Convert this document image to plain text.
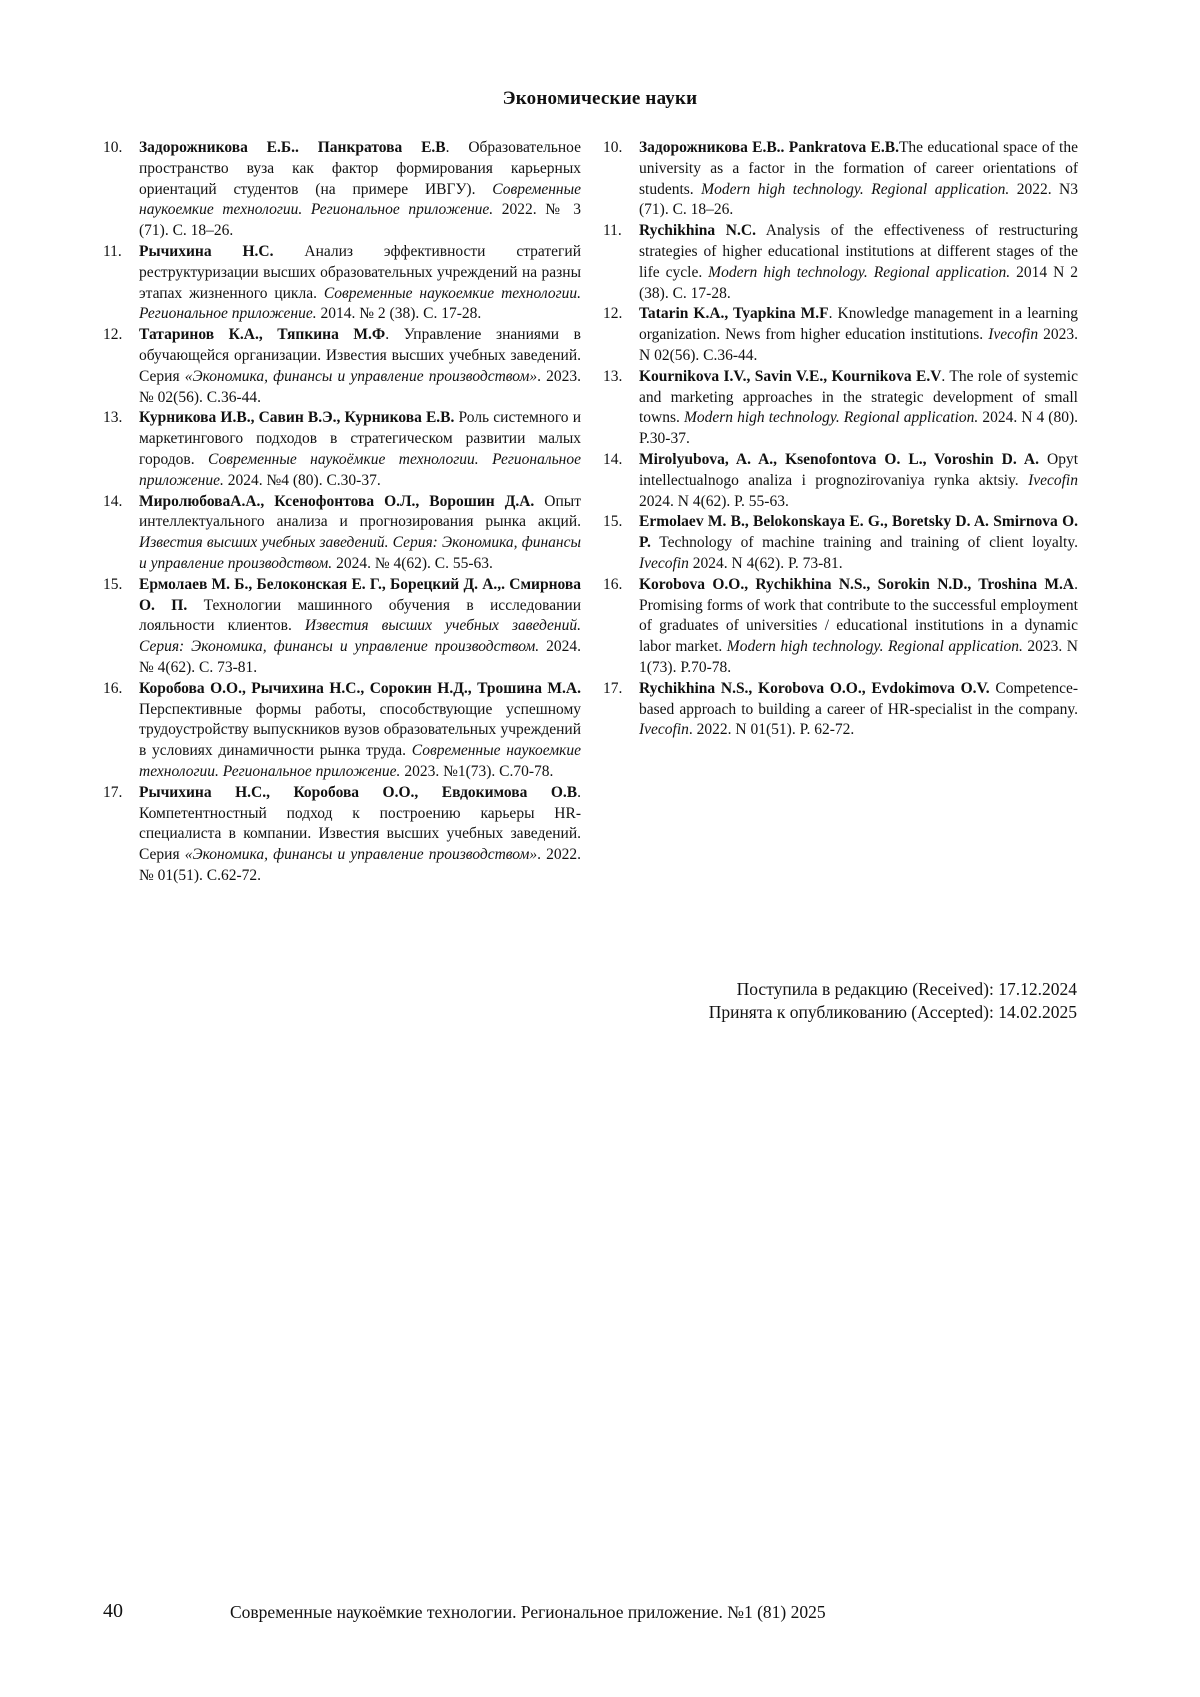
Экономические науки
10.	Задорожникова Е.Б.. Панкратова Е.В. Образовательное пространство вуза как фактор формирования карьерных ориентаций студентов (на примере ИВГУ). Современные наукоемкие технологии. Региональное приложение. 2022. № 3 (71). С. 18–26.
11.	Рычихина Н.С. Анализ эффективности стратегий реструктуризации высших образовательных учреждений на разны этапах жизненного цикла. Современные наукоемкие технологии. Региональное приложение. 2014. № 2 (38). С. 17-28.
12.	Татаринов К.А., Тяпкина М.Ф. Управление знаниями в обучающейся организации. Известия высших учебных заведений. Серия «Экономика, финансы и управление производством». 2023. № 02(56). С.36-44.
13.	Курникова И.В., Савин В.Э., Курникова Е.В. Роль системного и маркетингового подходов в стратегическом развитии малых городов. Современные наукоёмкие технологии. Региональное приложение. 2024. №4 (80). С.30-37.
14.	МиролюбоваА.А., Ксенофонтова О.Л., Ворошин Д.А. Опыт интеллектуального анализа и прогнозирования рынка акций. Известия высших учебных заведений. Серия: Экономика, финансы и управление производством. 2024. № 4(62). С. 55-63.
15.	Ермолаев М. Б., Белоконская Е. Г., Борецкий Д. А.,. Смирнова О. П. Технологии машинного обучения в исследовании лояльности клиентов. Известия высших учебных заведений. Серия: Экономика, финансы и управление производством. 2024. № 4(62). С. 73-81.
16.	Коробова О.О., Рычихина Н.С., Сорокин Н.Д., Трошина М.А. Перспективные формы работы, способствующие успешному трудоустройству выпускников вузов образовательных учреждений в условиях динамичности рынка труда. Современные наукоемкие технологии. Региональное приложение. 2023. №1(73). С.70-78.
17.	Рычихина Н.С., Коробова О.О., Евдокимова О.В. Компетентностный подход к построению карьеры HR-специалиста в компании. Известия высших учебных заведений. Серия «Экономика, финансы и управление производством». 2022. № 01(51). С.62-72.
10.	Задорожникова Е.В.. Pankratova E.B.The educational space of the university as a factor in the formation of career orientations of students. Modern high technology. Regional application. 2022. N3 (71). С. 18–26.
11.	Rychikhina N.C. Analysis of the effectiveness of restructuring strategies of higher educational institutions at different stages of the life cycle. Modern high technology. Regional application. 2014 N 2 (38). С. 17-28.
12.	Tatarin K.A., Tyapkina M.F. Knowledge management in a learning organization. News from higher education institutions. Ivecofin 2023. N 02(56). С.36-44.
13.	Kournikova I.V., Savin V.E., Kournikova E.V. The role of systemic and marketing approaches in the strategic development of small towns. Modern high technology. Regional application. 2024. N 4 (80). P.30-37.
14.	Mirolyubova, A. A., Ksenofontova O. L., Voroshin D. A. Opyt intellectualnogo analiza i prognozirovaniya rynka aktsiy. Ivecofin 2024. N 4(62). P. 55-63.
15.	Ermolaev M. B., Belokonskaya E. G., Boretsky D. A. Smirnova O. P. Technology of machine training and training of client loyalty. Ivecofin 2024. N 4(62). P. 73-81.
16.	Korobova O.O., Rychikhina N.S., Sorokin N.D., Troshina M.A. Promising forms of work that contribute to the successful employment of graduates of universities / educational institutions in a dynamic labor market. Modern high technology. Regional application. 2023. N 1(73). P.70-78.
17.	Rychikhina N.S., Korobova O.O., Evdokimova O.V. Competence-based approach to building a career of HR-specialist in the company. Ivecofin. 2022. N 01(51). P. 62-72.
Поступила в редакцию (Received): 17.12.2024
Принята к опубликованию (Accepted): 14.02.2025
40	Современные наукоёмкие технологии. Региональное приложение. №1 (81) 2025
